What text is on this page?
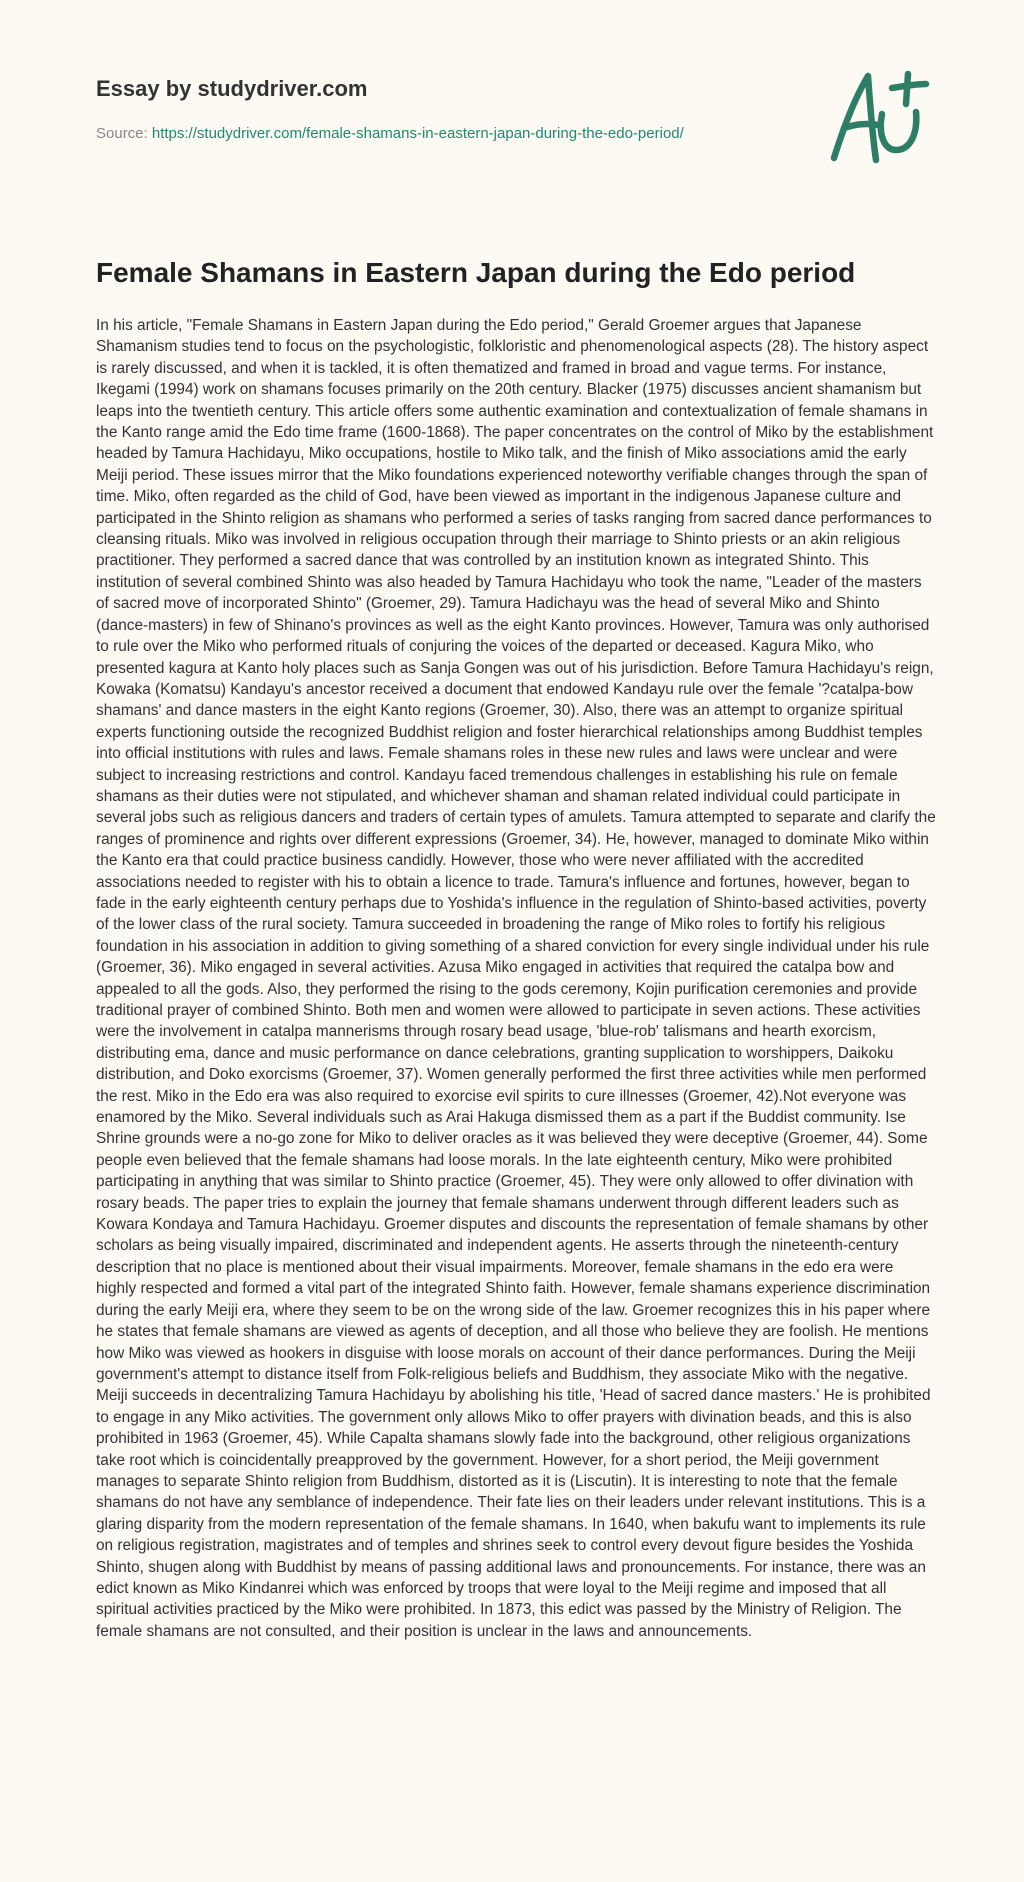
Essay by studydriver.com
Source: https://studydriver.com/female-shamans-in-eastern-japan-during-the-edo-period/
Female Shamans in Eastern Japan during the Edo period

In his article, "Female Shamans in Eastern Japan during the Edo period," Gerald Groemer argues that Japanese Shamanism studies tend to focus on the psychologistic, folkloristic and phenomenological aspects (28). The history aspect is rarely discussed, and when it is tackled, it is often thematized and framed in broad and vague terms. For instance, Ikegami (1994) work on shamans focuses primarily on the 20th century. Blacker (1975) discusses ancient shamanism but leaps into the twentieth century. This article offers some authentic examination and contextualization of female shamans in the Kanto range amid the Edo time frame (1600-1868). The paper concentrates on the control of Miko by the establishment headed by Tamura Hachidayu, Miko occupations, hostile to Miko talk, and the finish of Miko associations amid the early Meiji period. These issues mirror that the Miko foundations experienced noteworthy verifiable changes through the span of time. Miko, often regarded as the child of God, have been viewed as important in the indigenous Japanese culture and participated in the Shinto religion as shamans who performed a series of tasks ranging from sacred dance performances to cleansing rituals. Miko was involved in religious occupation through their marriage to Shinto priests or an akin religious practitioner. They performed a sacred dance that was controlled by an institution known as integrated Shinto. This institution of several combined Shinto was also headed by Tamura Hachidayu who took the name, "Leader of the masters of sacred move of incorporated Shinto" (Groemer, 29). Tamura Hadichayu was the head of several Miko and Shinto (dance-masters) in few of Shinano's provinces as well as the eight Kanto provinces. However, Tamura was only authorised to rule over the Miko who performed rituals of conjuring the voices of the departed or deceased. Kagura Miko, who presented kagura at Kanto holy places such as Sanja Gongen was out of his jurisdiction. Before Tamura Hachidayu's reign, Kowaka (Komatsu) Kandayu's ancestor received a document that endowed Kandayu rule over the female '?catalpa-bow shamans' and dance masters in the eight Kanto regions (Groemer, 30). Also, there was an attempt to organize spiritual experts functioning outside the recognized Buddhist religion and foster hierarchical relationships among Buddhist temples into official institutions with rules and laws. Female shamans roles in these new rules and laws were unclear and were subject to increasing restrictions and control. Kandayu faced tremendous challenges in establishing his rule on female shamans as their duties were not stipulated, and whichever shaman and shaman related individual could participate in several jobs such as religious dancers and traders of certain types of amulets. Tamura attempted to separate and clarify the ranges of prominence and rights over different expressions (Groemer, 34). He, however, managed to dominate Miko within the Kanto era that could practice business candidly. However, those who were never affiliated with the accredited associations needed to register with his to obtain a licence to trade. Tamura's influence and fortunes, however, began to fade in the early eighteenth century perhaps due to Yoshida's influence in the regulation of Shinto-based activities, poverty of the lower class of the rural society. Tamura succeeded in broadening the range of Miko roles to fortify his religious foundation in his association in addition to giving something of a shared conviction for every single individual under his rule (Groemer, 36). Miko engaged in several activities. Azusa Miko engaged in activities that required the catalpa bow and appealed to all the gods. Also, they performed the rising to the gods ceremony, Kojin purification ceremonies and provide traditional prayer of combined Shinto. Both men and women were allowed to participate in seven actions. These activities were the involvement in catalpa mannerisms through rosary bead usage, 'blue-rob' talismans and hearth exorcism, distributing ema, dance and music performance on dance celebrations, granting supplication to worshippers, Daikoku distribution, and Doko exorcisms (Groemer, 37). Women generally performed the first three activities while men performed the rest. Miko in the Edo era was also required to exorcise evil spirits to cure illnesses (Groemer, 42).Not everyone was enamored by the Miko. Several individuals such as Arai Hakuga dismissed them as a part if the Buddist community. Ise Shrine grounds were a no-go zone for Miko to deliver oracles as it was believed they were deceptive (Groemer, 44). Some people even believed that the female shamans had loose morals. In the late eighteenth century, Miko were prohibited participating in anything that was similar to Shinto practice (Groemer, 45). They were only allowed to offer divination with rosary beads. The paper tries to explain the journey that female shamans underwent through different leaders such as Kowara Kondaya and Tamura Hachidayu. Groemer disputes and discounts the representation of female shamans by other scholars as being visually impaired, discriminated and independent agents. He asserts through the nineteenth-century description that no place is mentioned about their visual impairments. Moreover, female shamans in the edo era were highly respected and formed a vital part of the integrated Shinto faith. However, female shamans experience discrimination during the early Meiji era, where they seem to be on the wrong side of the law. Groemer recognizes this in his paper where he states that female shamans are viewed as agents of deception, and all those who believe they are foolish. He mentions how Miko was viewed as hookers in disguise with loose morals on account of their dance performances. During the Meiji government's attempt to distance itself from Folk-religious beliefs and Buddhism, they associate Miko with the negative. Meiji succeeds in decentralizing Tamura Hachidayu by abolishing his title, 'Head of sacred dance masters.' He is prohibited to engage in any Miko activities. The government only allows Miko to offer prayers with divination beads, and this is also prohibited in 1963 (Groemer, 45). While Capalta shamans slowly fade into the background, other religious organizations take root which is coincidentally preapproved by the government. However, for a short period, the Meiji government manages to separate Shinto religion from Buddhism, distorted as it is (Liscutin). It is interesting to note that the female shamans do not have any semblance of independence. Their fate lies on their leaders under relevant institutions. This is a glaring disparity from the modern representation of the female shamans. In 1640, when bakufu want to implements its rule on religious registration, magistrates and of temples and shrines seek to control every devout figure besides the Yoshida Shinto, shugen along with Buddhist by means of passing additional laws and pronouncements. For instance, there was an edict known as Miko Kindanrei which was enforced by troops that were loyal to the Meiji regime and imposed that all spiritual activities practiced by the Miko were prohibited. In 1873, this edict was passed by the Ministry of Religion. The female shamans are not consulted, and their position is unclear in the laws and announcements.
